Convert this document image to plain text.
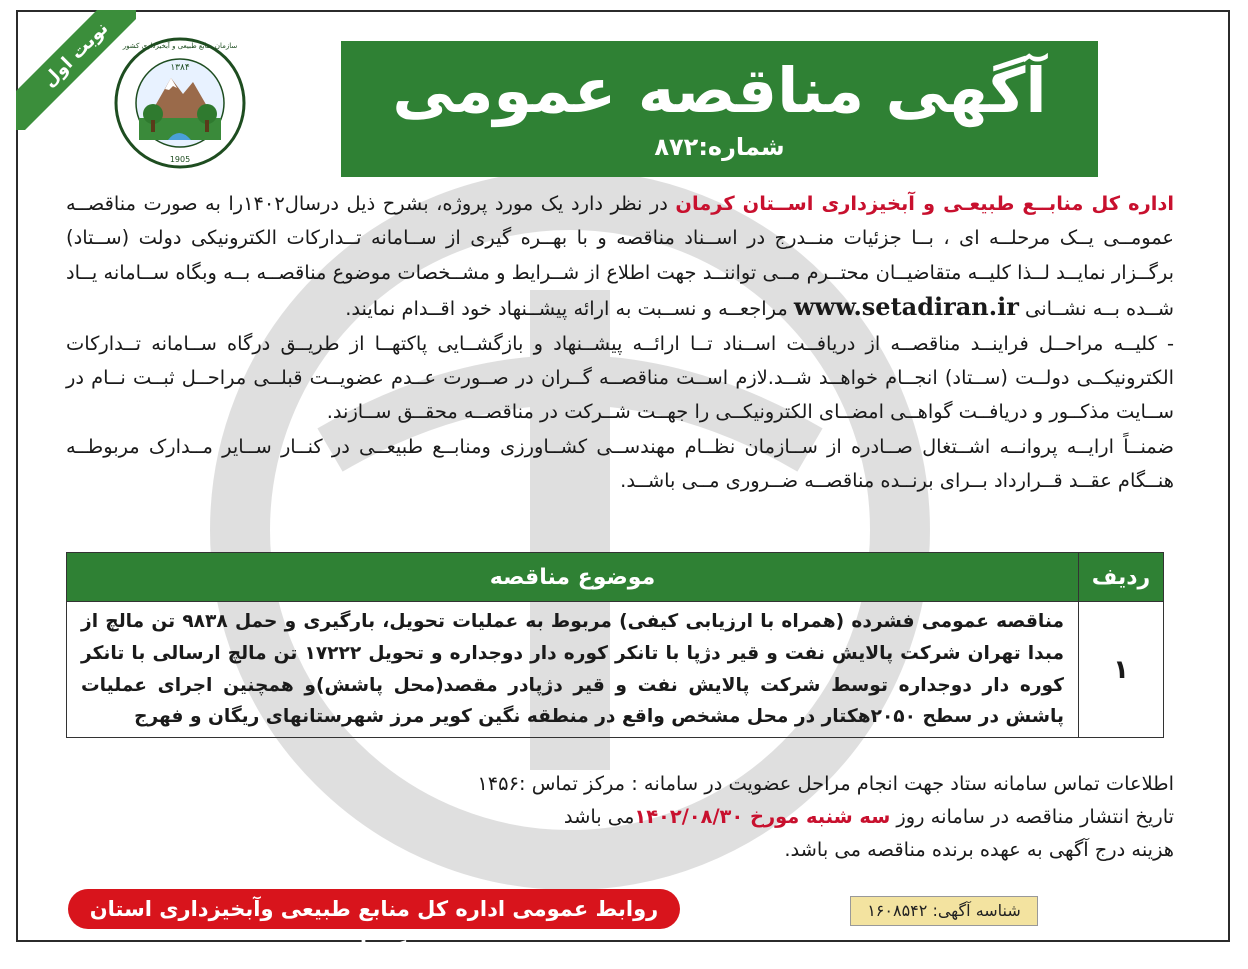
نوبت اول	۱۳۸۴
1905
سازمان منابع طبیعی و آبخیزداری کشور
آگهی مناقصه عمومی
شماره:۸۷۲

اداره کل منابــع طبیعـی و آبخیزداری اســتان کرمان در نظر دارد یک مورد پروژه، بشرح ذیل درسال۱۴۰۲را به صورت مناقصــه عمومــی یــک مرحلــه ای ، بــا جزئیات منــدرج در اســناد مناقصه و با بهــره گیری از ســامانه تــدارکات الکترونیکی دولت (ســتاد) برگــزار نمایــد لــذا کلیــه متقاضیــان محتــرم مــی تواننــد جهت اطلاع از شــرایط و مشــخصات موضوع مناقصــه بــه وبگاه ســامانه یــاد شــده بــه نشــانی www.setadiran.ir مراجعــه و نســبت به ارائه پیشــنهاد خود اقــدام نمایند.

- کلیــه مراحــل فراینــد مناقصــه از دریافــت اســناد تــا ارائــه پیشــنهاد و بازگشــایی پاکتهــا از طریــق درگاه ســامانه تــدارکات الکترونیکــی دولــت (ســتاد) انجــام خواهــد شــد.لازم اســت مناقصــه گــران در صــورت عــدم عضویــت قبلــی مراحــل ثبــت نــام در ســایت مذکــور و دریافــت گواهــی امضــای الکترونیکــی را جهــت شــرکت در مناقصــه محقــق ســازند.

ضمنــاً ارایــه پروانــه اشــتغال صــادره از ســازمان نظــام مهندســی کشــاورزی ومنابــع طبیعــی در کنــار ســایر مــدارک مربوطــه هنــگام عقــد قــرارداد بــرای برنــده مناقصــه ضــروری مــی باشــد.

ردیف	موضوع مناقصه
۱	مناقصه عمومی فشرده (همراه با ارزیابی کیفی) مربوط به عملیات تحویل، بارگیری و حمل ۹۸۳۸ تن مالچ از مبدا تهران شرکت پالایش نفت و قیر دژپا با تانکر کوره دار دوجداره و تحویل ۱۷۲۲۲ تن مالچ ارسالی با تانکر کوره دار دوجداره توسط شرکت پالایش نفت و قیر دژپادر مقصد(محل پاشش)و همچنین اجرای عملیات پاشش در سطح ۲۰۵۰هکتار در محل مشخص واقع در منطقه نگین کویر مرز شهرستانهای ریگان و فهرج

اطلاعات تماس سامانه ستاد جهت انجام مراحل عضویت در سامانه : مرکز تماس :۱۴۵۶

تاریخ انتشار مناقصه در سامانه روز سه شنبه مورخ ۱۴۰۲/۰۸/۳۰می باشد

هزینه درج آگهی به عهده برنده مناقصه می باشد.

روابط عمومی اداره کل منابع طبیعی وآبخیزداری استان کرمان
شناسه آگهی: ۱۶۰۸۵۴۲
